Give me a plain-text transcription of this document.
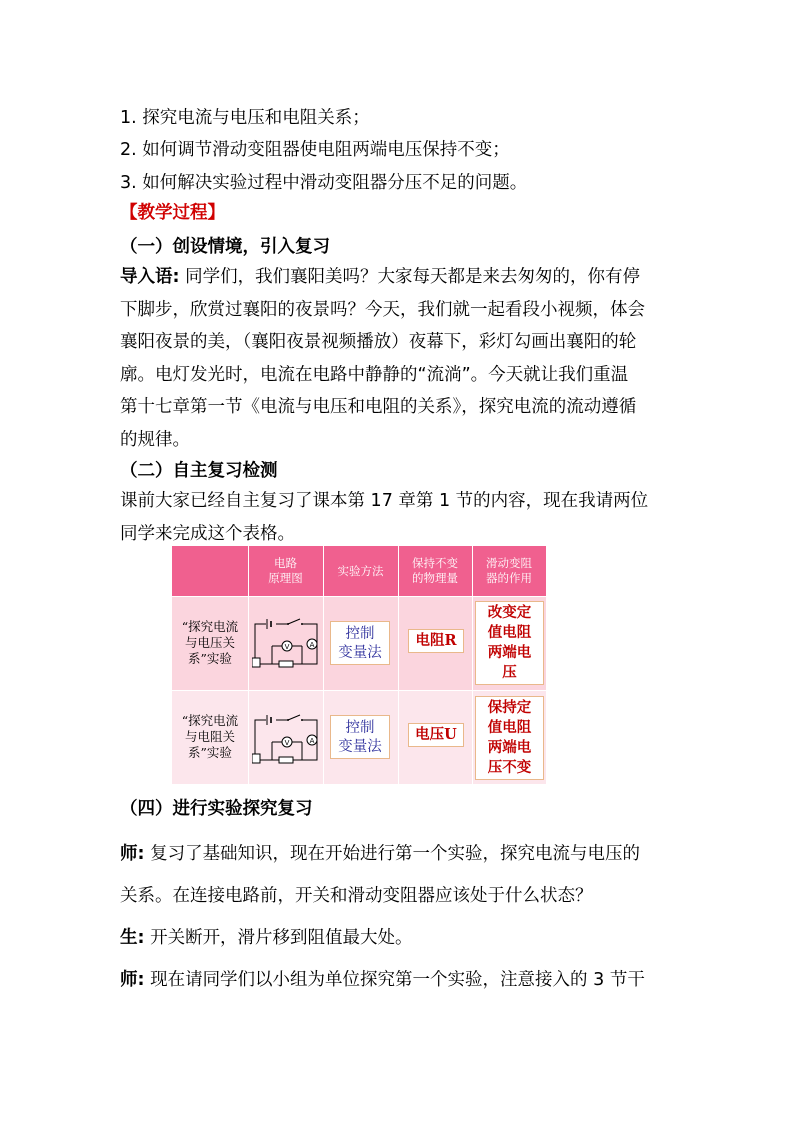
1. 探究电流与电压和电阻关系；
2. 如何调节滑动变阻器使电阻两端电压保持不变；
3. 如何解决实验过程中滑动变阻器分压不足的问题。
【教学过程】
（一）创设情境，引入复习

导入语: 同学们，我们襄阳美吗？大家每天都是来去匆匆的，你有停

下脚步，欣赏过襄阳的夜景吗？今天，我们就一起看段小视频，体会

襄阳夜景的美，（襄阳夜景视频播放）夜幕下，彩灯勾画出襄阳的轮

廓。电灯发光时，电流在电路中静静的“流淌”。今天就让我们重温

第十七章第一节《电流与电压和电阻的关系》，探究电流的流动遵循

的规律。

（二）自主复习检测

课前大家已经自主复习了课本第 17 章第 1 节的内容，现在我请两位

同学来完成这个表格。

电路
原理图
实验方法
保持不变
的物理量
滑动变阻
器的作用
“探究电流
与电压关
系”实验
A
V
控制
变量法
电阻R
改变定
值电阻
两端电
压
“探究电流
与电阻关
系”实验
A
V
控制
变量法
电压U
保持定
值电阻
两端电
压不变
（四）进行实验探究复习
师: 复习了基础知识，现在开始进行第一个实验，探究电流与电压的
关系。在连接电路前，开关和滑动变阻器应该处于什么状态？
生: 开关断开，滑片移到阻值最大处。
师: 现在请同学们以小组为单位探究第一个实验，注意接入的 3 节干
